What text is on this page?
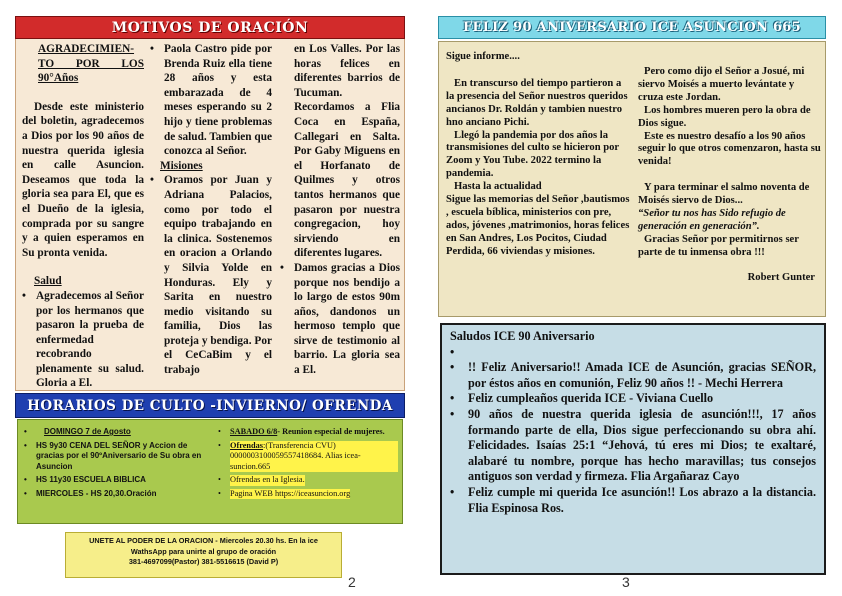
MOTIVOS DE ORACIÓN

AGRADECIMIEN-TO POR LOS 90°Años

Desde este ministerio del boletin, agradecemos a Dios por los 90 años de nuestra querida iglesia en calle Asuncion. Deseamos que toda la gloria sea para El, que es el Dueño de la iglesia, comprada por su sangre y a quien esperamos en Su pronta venida.

Salud

• Agradecemos al Señor por los hermanos que pasaron la prueba de enfermedad recobrando plenamente su salud. Gloria a El.
• Paola Castro pide por Brenda Ruiz ella tiene 28 años y esta embarazada de 4 meses esperando su 2 hijo y tiene problemas de salud. Tambien que conozca al Señor.

Misiones

• Oramos por Juan y Adriana Palacios, como por todo el equipo trabajando en la clinica. Sostenemos en oracion a Orlando y Silvia Yolde en Honduras. Ely y Sarita en nuestro medio visitando su familia, Dios las proteja y bendiga. Por el CeCaBim y el trabajo

en Los Valles. Por las horas felices en diferentes barrios de Tucuman. Recordamos a Flia Coca en España, Callegari en Salta. Por Gaby Miguens en el Horfanato de Quilmes y otros tantos hermanos que pasaron por nuestra congregacion, hoy sirviendo en diferentes lugares.

• Damos gracias a Dios porque nos bendijo a lo largo de estos 90m años, dandonos un hermoso templo que sirve de testimonio al barrio. La gloria sea a El.
HORARIOS DE CULTO -INVIERNO/ OFRENDA
•	DOMINGO 7 de Agosto
•	HS 9y30 CENA DEL SEÑOR y Accion de gracias por el 90ºAniversario de Su obra en Asuncion
•	HS 11y30 ESCUELA BIBLICA
•	MIERCOLES - HS 20,30.Oración
•	SABADO 6/8- Reunion especial de mujeres.
•	Ofrendas:(Transferencia CVU) 0000003100059557418684. Alias icea-suncion.665
•	Ofrendas en la Iglesia.
•	Pagina WEB https://iceasuncion.org
UNETE AL PODER DE LA ORACION - Miercoles 20.30 hs. En la ice
WathsApp para unirte al grupo de oración
381-4697099(Pastor) 381-5516615 (David P)
2
FELIZ 90 ANIVERSARIO ICE ASUNCION 665

Sigue informe....

En transcurso del tiempo partieron a la presencia del Señor nuestros queridos ancianos Dr. Roldán y tambien nuestro hno anciano Pichi.

Llegó la pandemia por dos años la transmisiones del culto se hicieron por Zoom y You Tube. 2022 termino la pandemia.

Hasta la actualidad

Sigue las memorias del Señor ,bautismos , escuela bíblica, ministerios con pre, ados, jóvenes ,matrimonios, horas felices en San Andres, Los Pocitos, Ciudad Perdida, 66 viviendas y misiones.

Pero como dijo el Señor a Josué, mi siervo Moisés a muerto levántate y cruza este Jordan.

Los hombres mueren pero la obra de Dios sigue.

Este es nuestro desafío a los 90 años seguir lo que otros comenzaron, hasta su venida!

Y para terminar el salmo noventa de Moisés siervo de Dios...

“Señor tu nos has Sido refugio de generación en generación”.

Gracias Señor por permitirnos ser parte de tu inmensa obra !!!

Robert Gunter

Saludos ICE 90 Aniversario

•
•	!! Feliz Aniversario!! Amada ICE de Asunción, gracias SEÑOR, por éstos años en comunión, Feliz 90 años !! - Mechi Herrera
•	Feliz cumpleaños querida ICE - Viviana Cuello
•	90 años de nuestra querida iglesia de asunción!!!, 17 años formando parte de ella, Dios sigue perfeccionando su obra ahí. Felicidades. Isaías 25:1 “Jehová, tú eres mi Dios; te exaltaré, alabaré tu nombre, porque has hecho maravillas; tus consejos antiguos son verdad y firmeza. Flia Argañaraz Cayo
•	Feliz cumple mi querida Ice asunción!! Los abrazo a la distancia. Flia Espinosa Ros.
3
